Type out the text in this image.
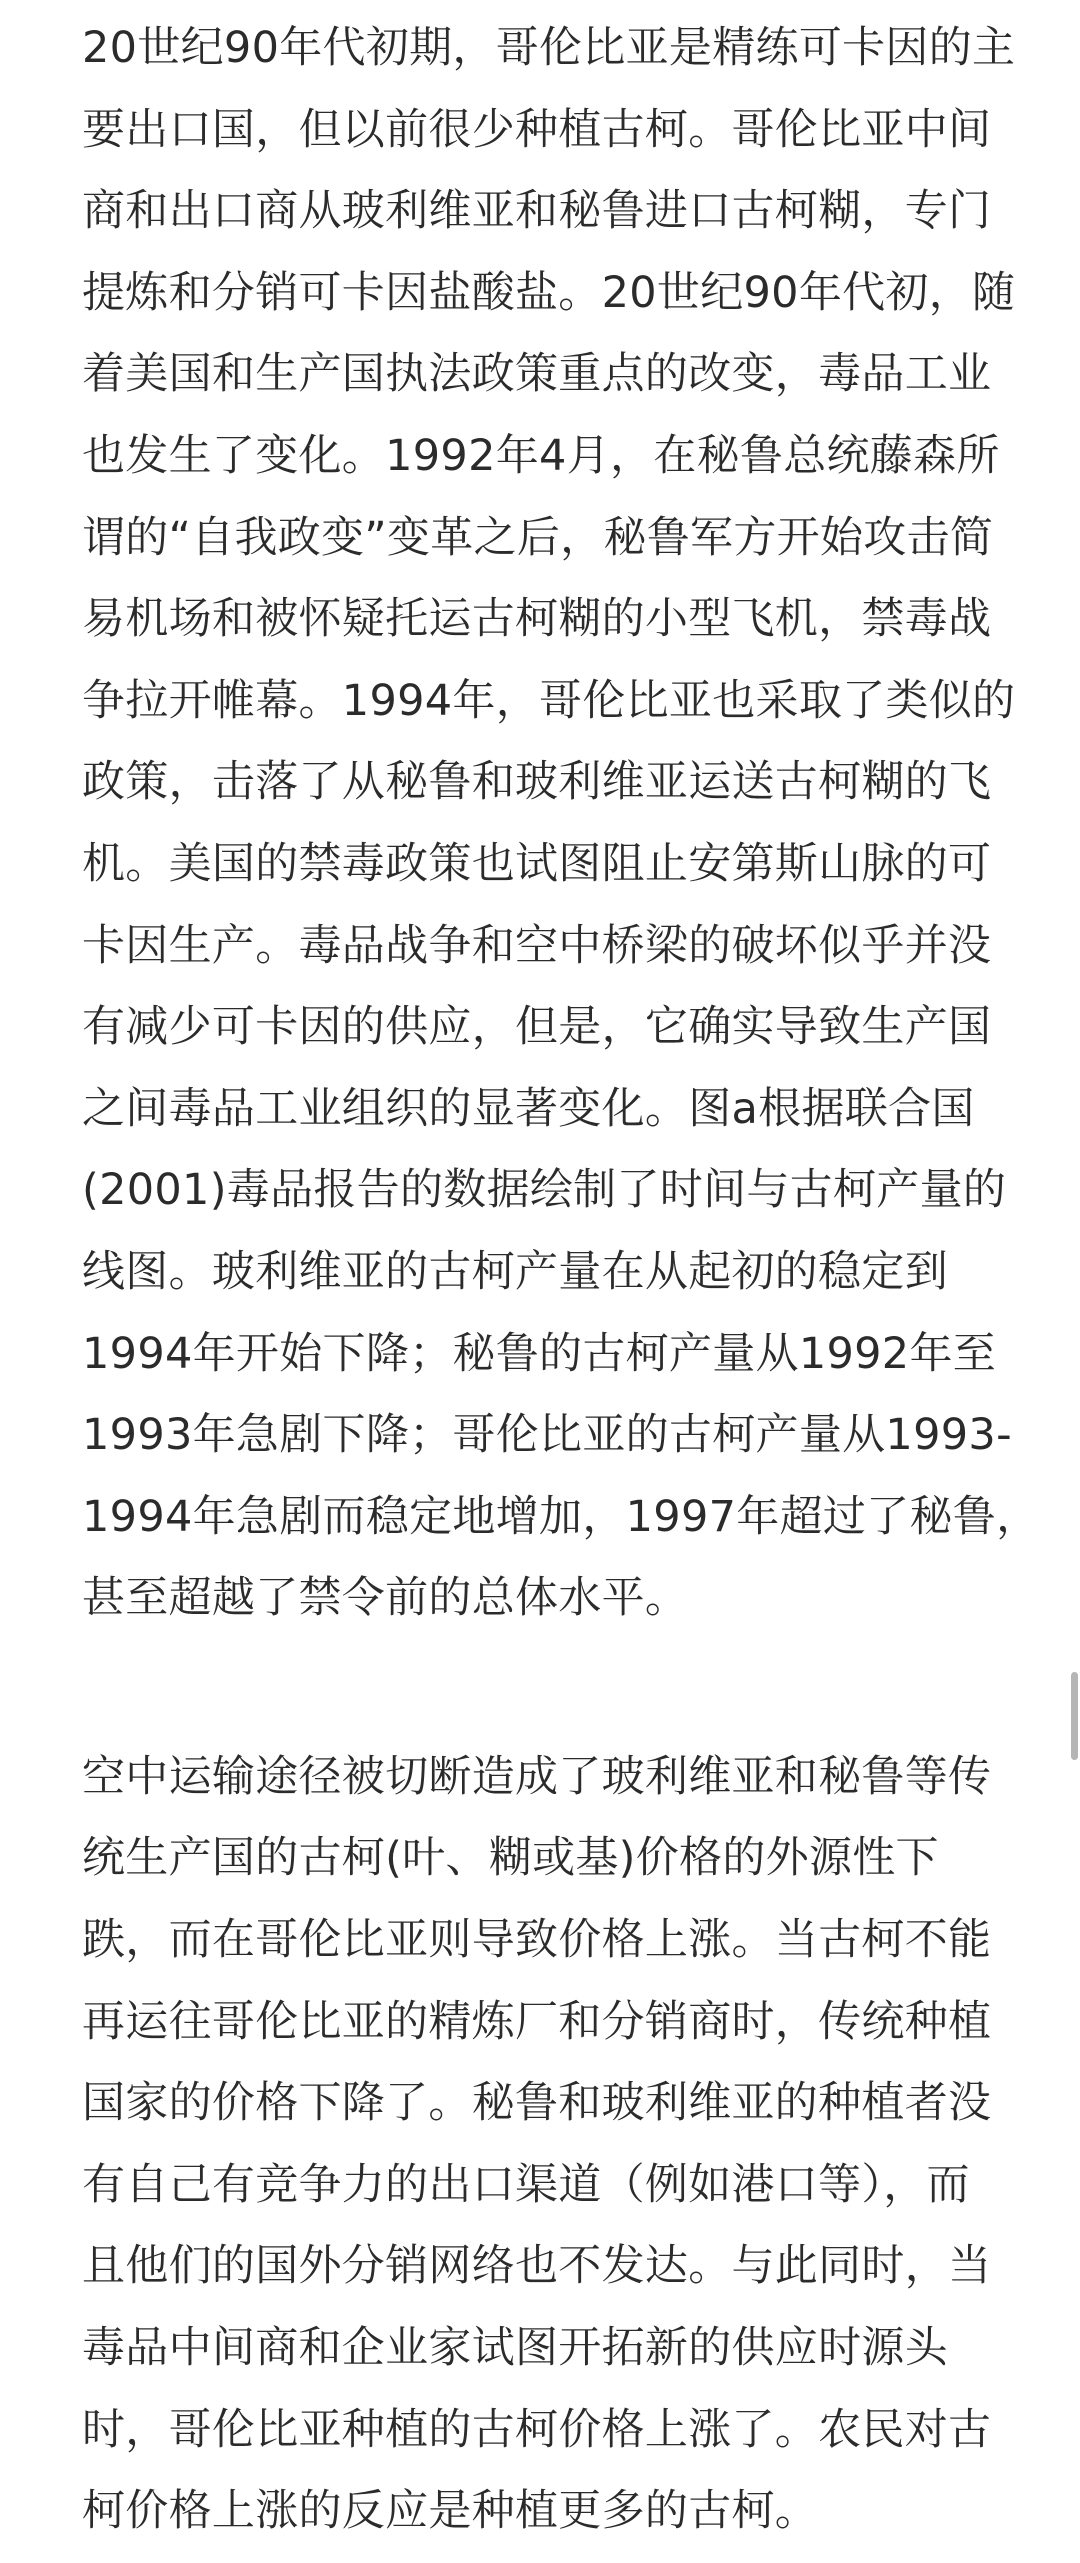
20世纪90年代初期，哥伦比亚是精练可卡因的主

要出口国，但以前很少种植古柯。哥伦比亚中间

商和出口商从玻利维亚和秘鲁进口古柯糊，专门

提炼和分销可卡因盐酸盐。20世纪90年代初，随

着美国和生产国执法政策重点的改变，毒品工业

也发生了变化。1992年4月，在秘鲁总统藤森所

谓的“自我政变”变革之后，秘鲁军方开始攻击简

易机场和被怀疑托运古柯糊的小型飞机，禁毒战

争拉开帷幕。1994年，哥伦比亚也采取了类似的

政策，击落了从秘鲁和玻利维亚运送古柯糊的飞

机。美国的禁毒政策也试图阻止安第斯山脉的可

卡因生产。毒品战争和空中桥梁的破坏似乎并没

有减少可卡因的供应，但是，它确实导致生产国

之间毒品工业组织的显著变化。图a根据联合国

(2001)毒品报告的数据绘制了时间与古柯产量的

线图。玻利维亚的古柯产量在从起初的稳定到

1994年开始下降；秘鲁的古柯产量从1992年至

1993年急剧下降；哥伦比亚的古柯产量从1993-

1994年急剧而稳定地增加，1997年超过了秘鲁，

甚至超越了禁令前的总体水平。

空中运输途径被切断造成了玻利维亚和秘鲁等传

统生产国的古柯(叶、糊或基)价格的外源性下

跌，而在哥伦比亚则导致价格上涨。当古柯不能

再运往哥伦比亚的精炼厂和分销商时，传统种植

国家的价格下降了。秘鲁和玻利维亚的种植者没

有自己有竞争力的出口渠道（例如港口等），而

且他们的国外分销网络也不发达。与此同时，当

毒品中间商和企业家试图开拓新的供应时源头

时，哥伦比亚种植的古柯价格上涨了。农民对古

柯价格上涨的反应是种植更多的古柯。
